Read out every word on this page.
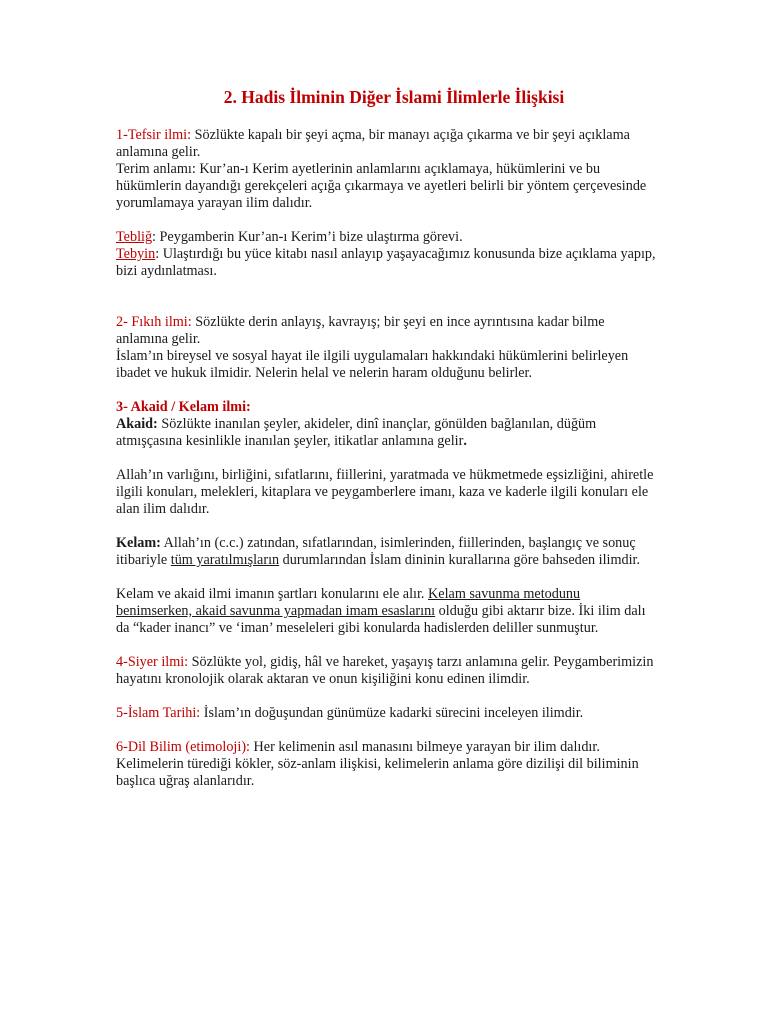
2. Hadis İlminin Diğer İslami İlimlerle İlişkisi

1-Tefsir ilmi: Sözlükte kapalı bir şeyi açma, bir manayı açığa çıkarma ve bir şeyi açıklama anlamına gelir.

Terim anlamı: Kur’an-ı Kerim ayetlerinin anlamlarını açıklamaya, hükümlerini ve bu hükümlerin dayandığı gerekçeleri açığa çıkarmaya ve ayetleri belirli bir yöntem çerçevesinde yorumlamaya yarayan ilim dalıdır.

Tebliğ: Peygamberin Kur’an-ı Kerim’i bize ulaştırma görevi.

Tebyin: Ulaştırdığı bu yüce kitabı nasıl anlayıp yaşayacağımız konusunda bize açıklama yapıp, bizi aydınlatması.

2- Fıkıh ilmi: Sözlükte derin anlayış, kavrayış; bir şeyi en ince ayrıntısına kadar bilme anlamına gelir.

İslam’ın bireysel ve sosyal hayat ile ilgili uygulamaları hakkındaki hükümlerini belirleyen ibadet ve hukuk ilmidir. Nelerin helal ve nelerin haram olduğunu belirler.

3- Akaid / Kelam ilmi:

Akaid: Sözlükte inanılan şeyler, akideler, dinî inançlar, gönülden bağlanılan, düğüm atmışçasına kesinlikle inanılan şeyler, itikatlar anlamına gelir.

Allah’ın varlığını, birliğini, sıfatlarını, fiillerini, yaratmada ve hükmetmede eşsizliğini, ahiretle ilgili konuları, melekleri, kitaplara ve peygamberlere imanı, kaza ve kaderle ilgili konuları ele alan ilim dalıdır.

Kelam: Allah’ın (c.c.) zatından, sıfatlarından, isimlerinden, fiillerinden, başlangıç ve sonuç itibariyle tüm yaratılmışların durumlarından İslam dininin kurallarına göre bahseden ilimdir.

Kelam ve akaid ilmi imanın şartları konularını ele alır. Kelam savunma metodunu benimserken, akaid savunma yapmadan imam esaslarını olduğu gibi aktarır bize. İki ilim dalı da “kader inancı” ve ‘iman’ meseleleri gibi konularda hadislerden deliller sunmuştur.

4-Siyer ilmi: Sözlükte yol, gidiş, hâl ve hareket, yaşayış tarzı anlamına gelir. Peygamberimizin hayatını kronolojik olarak aktaran ve onun kişiliğini konu edinen ilimdir.

5-İslam Tarihi: İslam’ın doğuşundan günümüze kadarki sürecini inceleyen ilimdir.

6-Dil Bilim (etimoloji): Her kelimenin asıl manasını bilmeye yarayan bir ilim dalıdır. Kelimelerin türediği kökler, söz-anlam ilişkisi, kelimelerin anlama göre dizilişi dil biliminin başlıca uğraş alanlarıdır.
